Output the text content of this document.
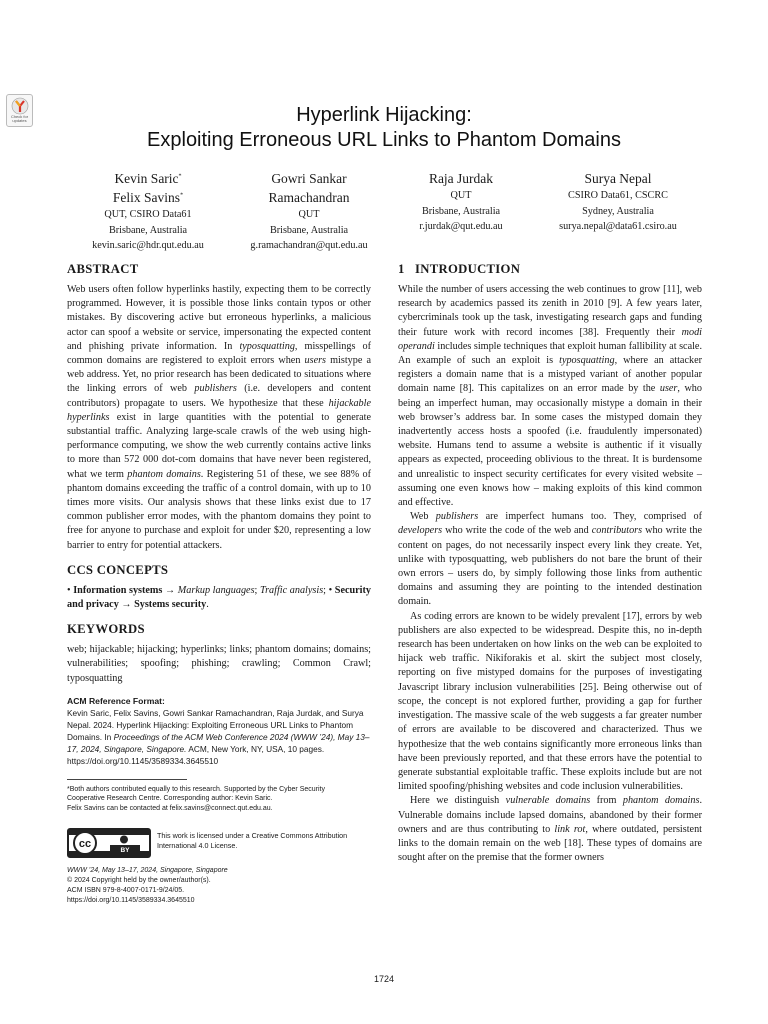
Check for updates	Hyperlink Hijacking:
Exploiting Erroneous URL Links to Phantom Domains
Kevin Saric*
Felix Savins*
QUT, CSIRO Data61
Brisbane, Australia
kevin.saric@hdr.qut.edu.au
Gowri Sankar
Ramachandran
QUT
Brisbane, Australia
g.ramachandran@qut.edu.au
Raja Jurdak
QUT
Brisbane, Australia
r.jurdak@qut.edu.au
Surya Nepal
CSIRO Data61, CSCRC
Sydney, Australia
surya.nepal@data61.csiro.au
ABSTRACT

Web users often follow hyperlinks hastily, expecting them to be correctly programmed. However, it is possible those links contain typos or other mistakes. By discovering active but erroneous hyperlinks, a malicious actor can spoof a website or service, impersonating the expected content and phishing private information. In typosquatting, misspellings of common domains are registered to exploit errors when users mistype a web address. Yet, no prior research has been dedicated to situations where the linking errors of web publishers (i.e. developers and content contributors) propagate to users. We hypothesize that these hijackable hyperlinks exist in large quantities with the potential to generate substantial traffic. Analyzing large-scale crawls of the web using high-performance computing, we show the web currently contains active links to more than 572 000 dot-com domains that have never been registered, what we term phantom domains. Registering 51 of these, we see 88% of phantom domains exceeding the traffic of a control domain, with up to 10 times more visits. Our analysis shows that these links exist due to 17 common publisher error modes, with the phantom domains they point to free for anyone to purchase and exploit for under $20, representing a low barrier to entry for potential attackers.

CCS CONCEPTS

• Information systems → Markup languages; Traffic analysis; • Security and privacy → Systems security.

KEYWORDS

web; hijackable; hijacking; hyperlinks; links; phantom domains; domains; vulnerabilities; spoofing; phishing; crawling; Common Crawl; typosquatting

ACM Reference Format:
Kevin Saric, Felix Savins, Gowri Sankar Ramachandran, Raja Jurdak, and Surya Nepal. 2024. Hyperlink Hijacking: Exploiting Erroneous URL Links to Phantom Domains. In Proceedings of the ACM Web Conference 2024 (WWW ’24), May 13–17, 2024, Singapore, Singapore. ACM, New York, NY, USA, 10 pages. https://doi.org/10.1145/3589334.3645510
*Both authors contributed equally to this research. Supported by the Cyber Security
Cooperative Research Centre. Corresponding author: Kevin Saric.
Felix Savins can be contacted at felix.savins@connect.qut.edu.au.
cc
BY
This work is licensed under a Creative Commons Attribution International 4.0 License.
WWW ’24, May 13–17, 2024, Singapore, Singapore
© 2024 Copyright held by the owner/author(s).
ACM ISBN 979-8-4007-0171-9/24/05.
https://doi.org/10.1145/3589334.3645510
1   INTRODUCTION

While the number of users accessing the web continues to grow [11], web research by academics passed its zenith in 2010 [9]. A few years later, cybercriminals took up the task, investigating research gaps and funding their future work with record incomes [38]. Frequently their modi operandi includes simple techniques that exploit human fallibility at scale. An example of such an exploit is typosquatting, where an attacker registers a domain name that is a mistyped variant of another popular domain name [8]. This capitalizes on an error made by the user, who being an imperfect human, may occasionally mistype a domain in their web browser’s address bar. In some cases the mistyped domain they inadvertently access hosts a spoofed (i.e. fraudulently impersonated) website. Humans tend to assume a website is authentic if it visually appears as expected, proceeding oblivious to the threat. It is burdensome and unrealistic to inspect security certificates for every visited website – assuming one even knows how – making exploits of this kind common and effective.

Web publishers are imperfect humans too. They, comprised of developers who write the code of the web and contributors who write the content on pages, do not necessarily inspect every link they create. Yet, unlike with typosquatting, web publishers do not bare the brunt of their own errors – users do, by simply following those links from authentic domains and assuming they are pointing to the intended destination domain.

As coding errors are known to be widely prevalent [17], errors by web publishers are also expected to be widespread. Despite this, no in-depth research has been undertaken on how links on the web can be exploited to hijack web traffic. Nikiforakis et al. skirt the subject most closely, reporting on five mistyped domains for the purposes of investigating Javascript library inclusion vulnerabilities [25]. Being otherwise out of scope, the concept is not explored further, providing a gap for further investigation. The massive scale of the web suggests a far greater number of errors are available to be discovered and characterized. Thus we hypothesize that the web contains significantly more erroneous links than have been previously reported, and that these errors have the potential to generate substantial exploitable traffic. These exploits include but are not limited spoofing/phishing websites and code inclusion vulnerabilities.

Here we distinguish vulnerable domains from phantom domains. Vulnerable domains include lapsed domains, abandoned by their former owners and are thus contributing to link rot, where outdated, persistent links to the domain remain on the web [18]. These types of domains are sought after on the premise that the former owners

1724
